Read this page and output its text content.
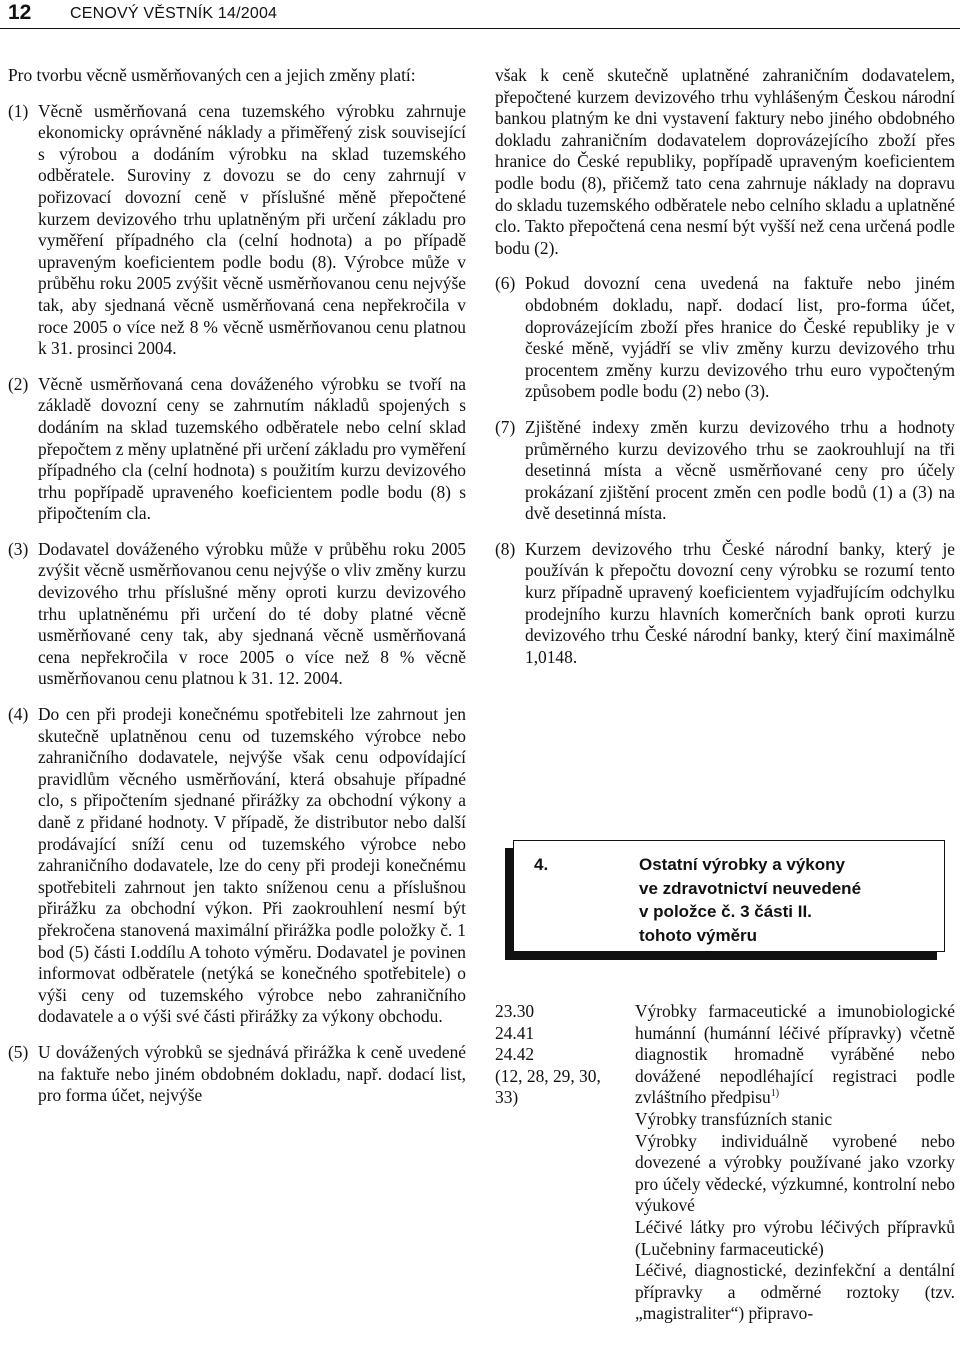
12 CENOVÝ VĚSTNÍK 14/2004

Pro tvorbu věcně usměrňovaných cen a jejich změny platí:

(1) Věcně usměrňovaná cena tuzemského výrobku zahrnuje ekonomicky oprávněné náklady a přiměřený zisk související s výrobou a dodáním výrobku na sklad tuzemského odběratele. Suroviny z dovozu se do ceny zahrnují v pořizovací dovozní ceně v příslušné měně přepočtené kurzem devizového trhu uplatněným při určení základu pro vyměření případného cla (celní hodnota) a po případě upraveným koeficientem podle bodu (8). Výrobce může v průběhu roku 2005 zvýšit věcně usměrňovanou cenu nejvýše tak, aby sjednaná věcně usměrňovaná cena nepřekročila v roce 2005 o více než 8 % věcně usměrňovanou cenu platnou k 31. prosinci 2004.

(2) Věcně usměrňovaná cena dováženého výrobku se tvoří na základě dovozní ceny se zahrnutím nákladů spojených s dodáním na sklad tuzemského odběratele nebo celní sklad přepočtem z měny uplatněné při určení základu pro vyměření případného cla (celní hodnota) s použitím kurzu devizového trhu popřípadě upraveného koeficientem podle bodu (8) s připočtením cla.

(3) Dodavatel dováženého výrobku může v průběhu roku 2005 zvýšit věcně usměrňovanou cenu nejvýše o vliv změny kurzu devizového trhu příslušné měny oproti kurzu devizového trhu uplatněnému při určení do té doby platné věcně usměrňované ceny tak, aby sjednaná věcně usměrňovaná cena nepřekročila v roce 2005 o více než 8 % věcně usměrňovanou cenu platnou k 31. 12. 2004.

(4) Do cen při prodeji konečnému spotřebiteli lze zahrnout jen skutečně uplatněnou cenu od tuzemského výrobce nebo zahraničního dodavatele, nejvýše však cenu odpovídající pravidlům věcného usměrňování, která obsahuje případné clo, s připočtením sjednané přirážky za obchodní výkony a daně z přidané hodnoty. V případě, že distributor nebo další prodávající sníží cenu od tuzemského výrobce nebo zahraničního dodavatele, lze do ceny při prodeji konečnému spotřebiteli zahrnout jen takto sníženou cenu a příslušnou přirážku za obchodní výkon. Při zaokrouhlení nesmí být překročena stanovená maximální přirážka podle položky č. 1 bod (5) části I.oddílu A tohoto výměru. Dodavatel je povinen informovat odběratele (netýká se konečného spotřebitele) o výši ceny od tuzemského výrobce nebo zahraničního dodavatele a o výši své části přirážky za výkony obchodu.

(5) U dovážených výrobků se sjednává přirážka k ceně uvedené na faktuře nebo jiném obdobném dokladu, např. dodací list, pro forma účet, nejvýše

však k ceně skutečně uplatněné zahraničním dodavatelem, přepočtené kurzem devizového trhu vyhlášeným Českou národní bankou platným ke dni vystavení faktury nebo jiného obdobného dokladu zahraničním dodavatelem doprovázejícího zboží přes hranice do České republiky, popřípadě upraveným koeficientem podle bodu (8), přičemž tato cena zahrnuje náklady na dopravu do skladu tuzemského odběratele nebo celního skladu a uplatněné clo. Takto přepočtená cena nesmí být vyšší než cena určená podle bodu (2).

(6) Pokud dovozní cena uvedená na faktuře nebo jiném obdobném dokladu, např. dodací list, pro-forma účet, doprovázejícím zboží přes hranice do České republiky je v české měně, vyjádří se vliv změny kurzu devizového trhu procentem změny kurzu devizového trhu euro vypočteným způsobem podle bodu (2) nebo (3).

(7) Zjištěné indexy změn kurzu devizového trhu a hodnoty průměrného kurzu devizového trhu se zaokrouhlují na tři desetinná místa a věcně usměrňované ceny pro účely prokázaní zjištění procent změn cen podle bodů (1) a (3) na dvě desetinná místa.

(8) Kurzem devizového trhu České národní banky, který je používán k přepočtu dovozní ceny výrobku se rozumí tento kurz případně upravený koeficientem vyjadřujícím odchylku prodejního kurzu hlavních komerčních bank oproti kurzu devizového trhu České národní banky, který činí maximálně 1,0148.

4.	Ostatní výrobky a výkony
ve zdravotnictví neuvedené
v položce č. 3 části II.
tohoto výměru
23.30
24.41
24.42
(12, 28, 29, 30,
33)

Výrobky farmaceutické a imunobiologické humánní (humánní léčivé přípravky) včetně diagnostik hromadně vyráběné nebo dovážené nepodléhající registraci podle zvláštního předpisu$^{1)}$

Výrobky transfúzních stanic

Výrobky individuálně vyrobené nebo dovezené a výrobky používané jako vzorky pro účely vědecké, výzkumné, kontrolní nebo výukové

Léčivé látky pro výrobu léčivých přípravků (Lučebniny farmaceutické)

Léčivé, diagnostické, dezinfekční a dentální přípravky a odměrné roztoky (tzv. „magistraliter“) připravo-
